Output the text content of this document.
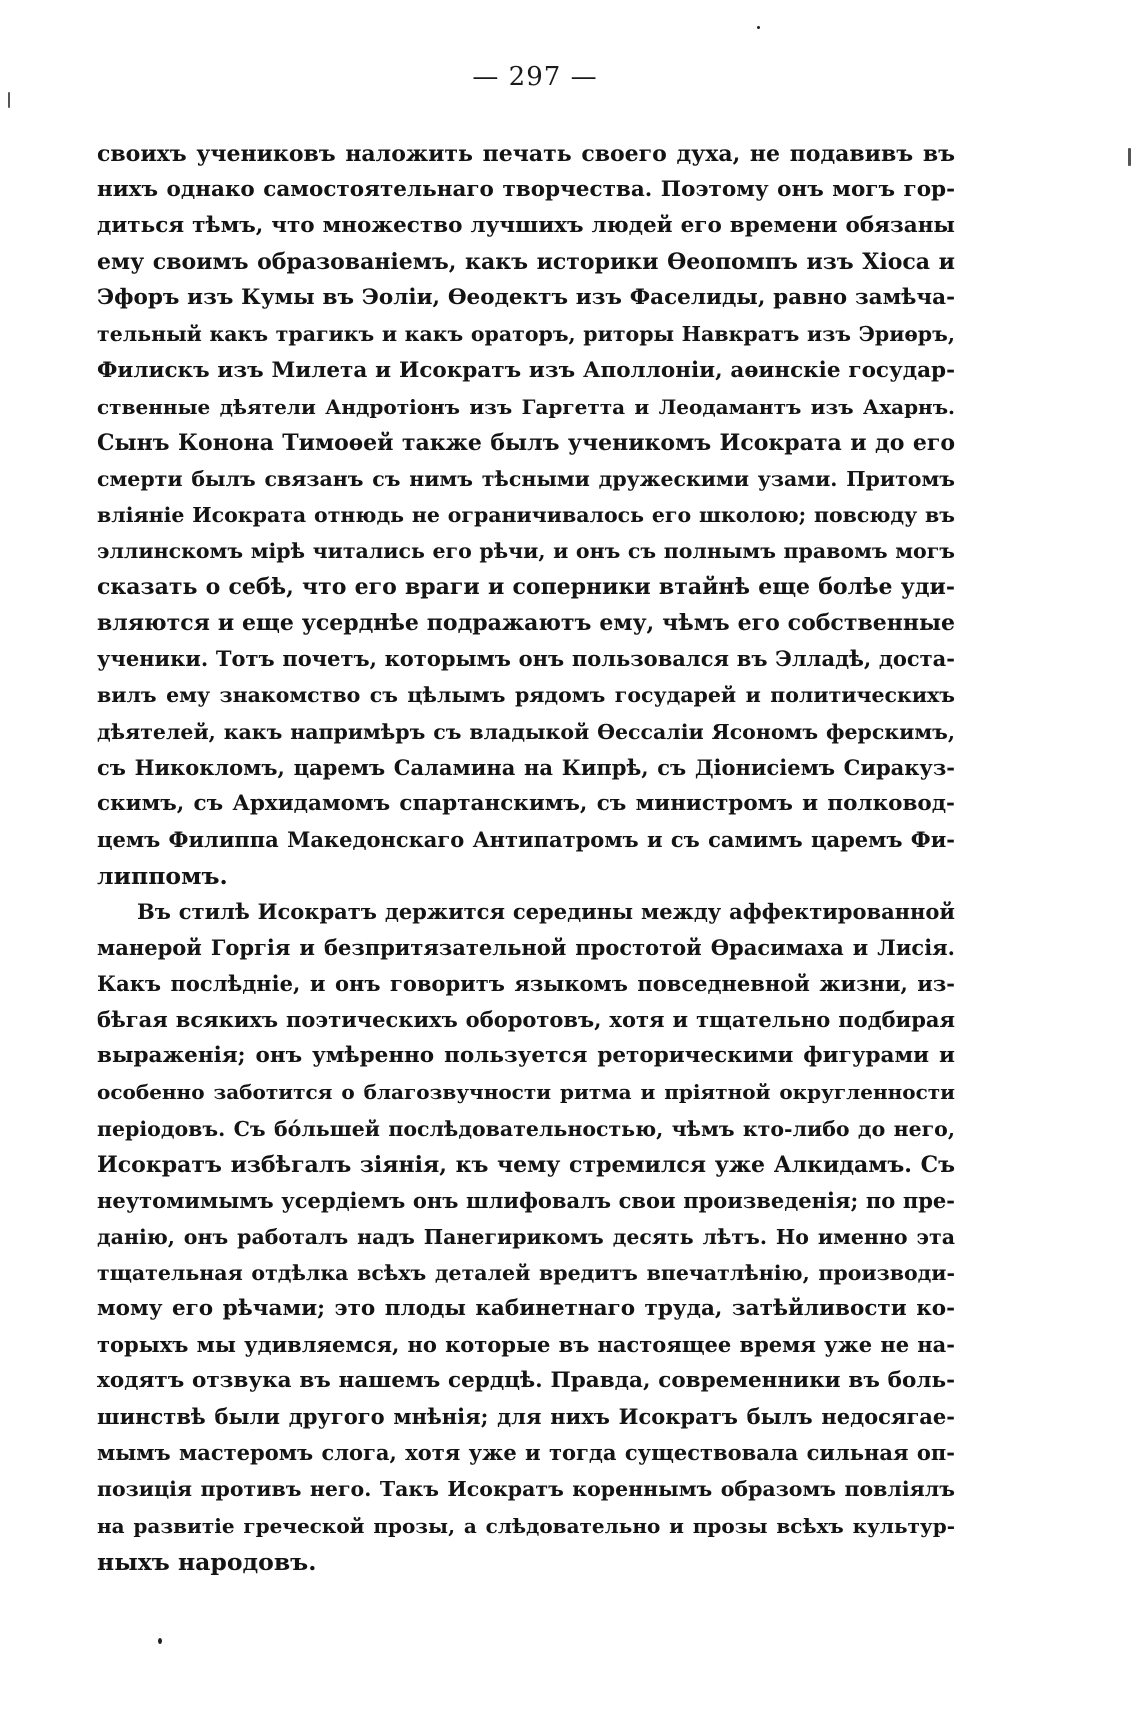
— 297 —
своихъ учениковъ наложить печать своего духа, не подавивъ въ
нихъ однако самостоятельнаго творчества. Поэтому онъ могъ гор-
диться тѣмъ, что множество лучшихъ людей его времени обязаны
ему своимъ образованіемъ, какъ историки Ѳеопомпъ изъ Хіоса и
Эфоръ изъ Кумы въ Эоліи, Ѳеодектъ изъ Фаселиды, равно замѣча-
тельный какъ трагикъ и какъ ораторъ, риторы Навкратъ изъ Эриѳръ,
Филискъ изъ Милета и Исократъ изъ Аполлоніи, аѳинскіе государ-
ственные дѣятели Андротіонъ изъ Гаргетта и Леодамантъ изъ Ахарнъ.
Сынъ Конона Тимоѳей также былъ ученикомъ Исократа и до его
смерти былъ связанъ съ нимъ тѣсными дружескими узами. Притомъ
вліяніе Исократа отнюдь не ограничивалось его школою; повсюду въ
эллинскомъ мірѣ читались его рѣчи, и онъ съ полнымъ правомъ могъ
сказать о себѣ, что его враги и соперники втайнѣ еще болѣе уди-
вляются и еще усерднѣе подражаютъ ему, чѣмъ его собственные
ученики. Тотъ почетъ, которымъ онъ пользовался въ Элладѣ, доста-
вилъ ему знакомство съ цѣлымъ рядомъ государей и политическихъ
дѣятелей, какъ напримѣръ съ владыкой Ѳессаліи Ясономъ ферскимъ,
съ Никокломъ, царемъ Саламина на Кипрѣ, съ Діонисіемъ Сиракуз-
скимъ, съ Архидамомъ спартанскимъ, съ министромъ и полковод-
цемъ Филиппа Македонскаго Антипатромъ и съ самимъ царемъ Фи-
липпомъ.
Въ стилѣ Исократъ держится середины между аффектированной
манерой Горгія и безпритязательной простотой Ѳрасимаха и Лисія.
Какъ послѣдніе, и онъ говоритъ языкомъ повседневной жизни, из-
бѣгая всякихъ поэтическихъ оборотовъ, хотя и тщательно подбирая
выраженія; онъ умѣренно пользуется реторическими фигурами и
особенно заботится о благозвучности ритма и пріятной округленности
періодовъ. Съ бóльшей послѣдовательностью, чѣмъ кто-либо до него,
Исократъ избѣгалъ зіянія, къ чему стремился уже Алкидамъ. Съ
неутомимымъ усердіемъ онъ шлифовалъ свои произведенія; по пре-
данію, онъ работалъ надъ Панегирикомъ десять лѣтъ. Но именно эта
тщательная отдѣлка всѣхъ деталей вредитъ впечатлѣнію, производи-
мому его рѣчами; это плоды кабинетнаго труда, затѣйливости ко-
торыхъ мы удивляемся, но которые въ настоящее время уже не на-
ходятъ отзвука въ нашемъ сердцѣ. Правда, современники въ боль-
шинствѣ были другого мнѣнія; для нихъ Исократъ былъ недосягае-
мымъ мастеромъ слога, хотя уже и тогда существовала сильная оп-
позиція противъ него. Такъ Исократъ кореннымъ образомъ повліялъ
на развитіе греческой прозы, а слѣдовательно и прозы всѣхъ культур-
ныхъ народовъ.
